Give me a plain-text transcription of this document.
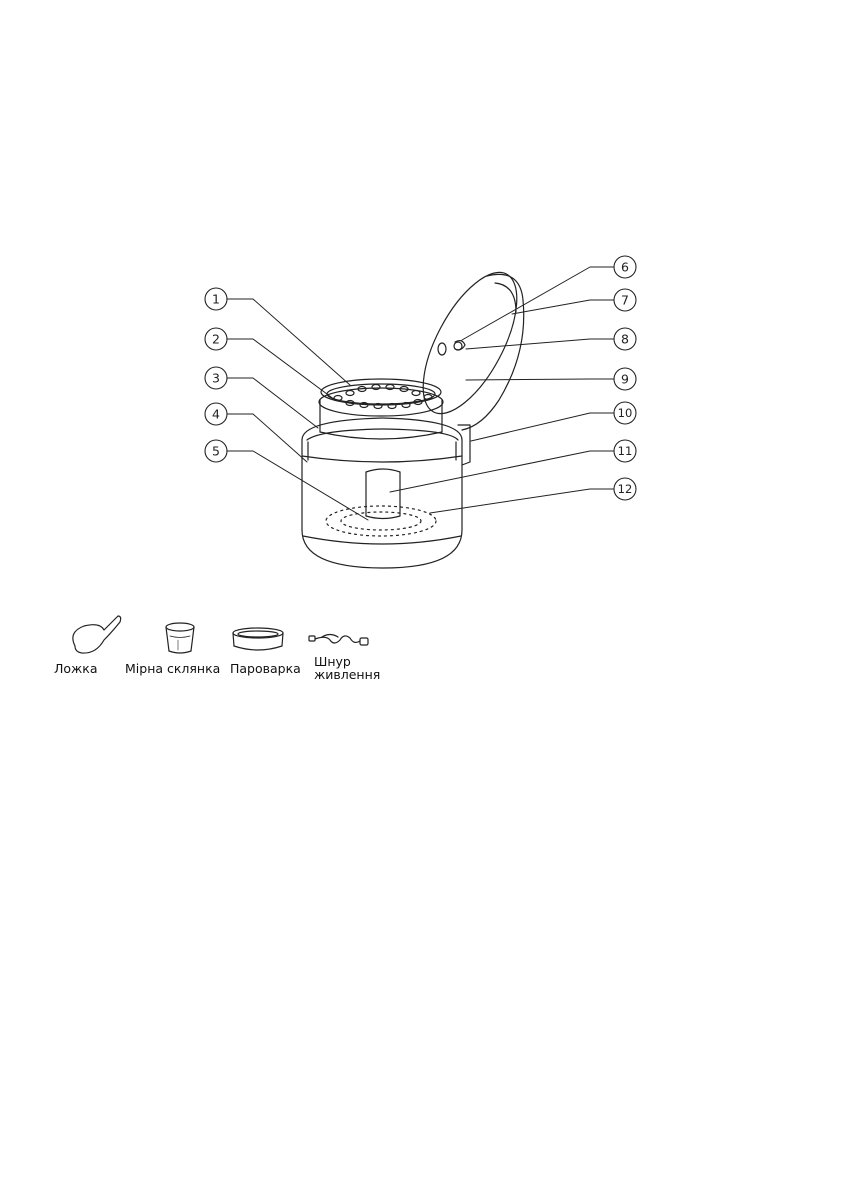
1
2
3
4
5
6
7
8
9
10
11
12
Ложка Мірна склянка Пароварка Шнур
живлення
